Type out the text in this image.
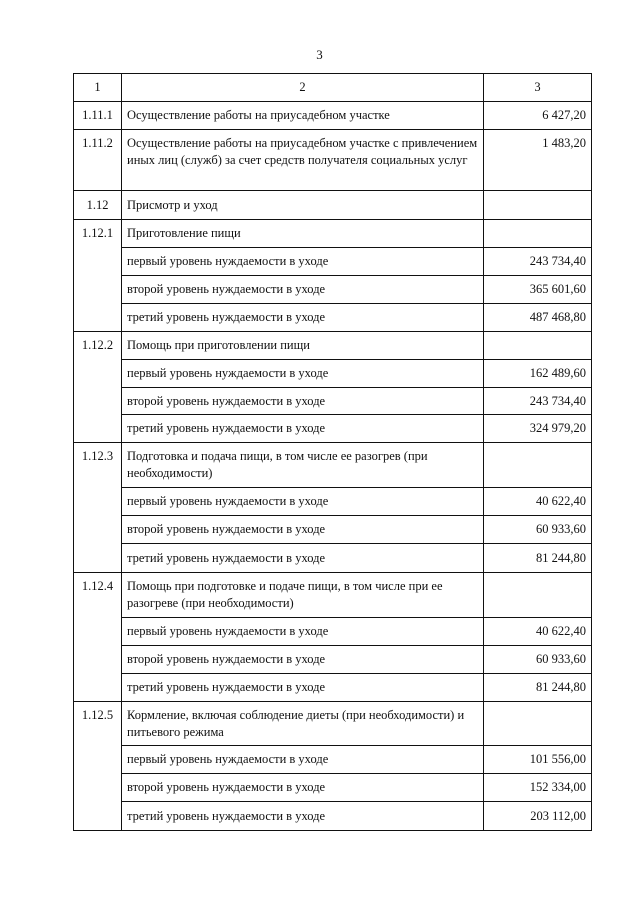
3
1	2	3
1.11.1	Осуществление работы на приусадебном участке	6 427,20
1.11.2	Осуществление работы на приусадебном участке с привлечением иных лиц (служб) за счет средств получателя социальных услуг	1 483,20
1.12	Присмотр и уход	
1.12.1	Приготовление пищи	
	первый уровень нуждаемости в уходе	243 734,40
	второй уровень нуждаемости в уходе	365 601,60
	третий уровень нуждаемости в уходе	487 468,80
1.12.2	Помощь при приготовлении пищи	
	первый уровень нуждаемости в уходе	162 489,60
	второй уровень нуждаемости в уходе	243 734,40
	третий уровень нуждаемости в уходе	324 979,20
1.12.3	Подготовка и подача пищи, в том числе ее разогрев (при необходимости)	
	первый уровень нуждаемости в уходе	40 622,40
	второй уровень нуждаемости в уходе	60 933,60
	третий уровень нуждаемости в уходе	81 244,80
1.12.4	Помощь при подготовке и подаче пищи, в том числе при ее разогреве (при необходимости)	
	первый уровень нуждаемости в уходе	40 622,40
	второй уровень нуждаемости в уходе	60 933,60
	третий уровень нуждаемости в уходе	81 244,80
1.12.5	Кормление, включая соблюдение диеты (при необходимости) и питьевого режима	
	первый уровень нуждаемости в уходе	101 556,00
	второй уровень нуждаемости в уходе	152 334,00
	третий уровень нуждаемости в уходе	203 112,00
